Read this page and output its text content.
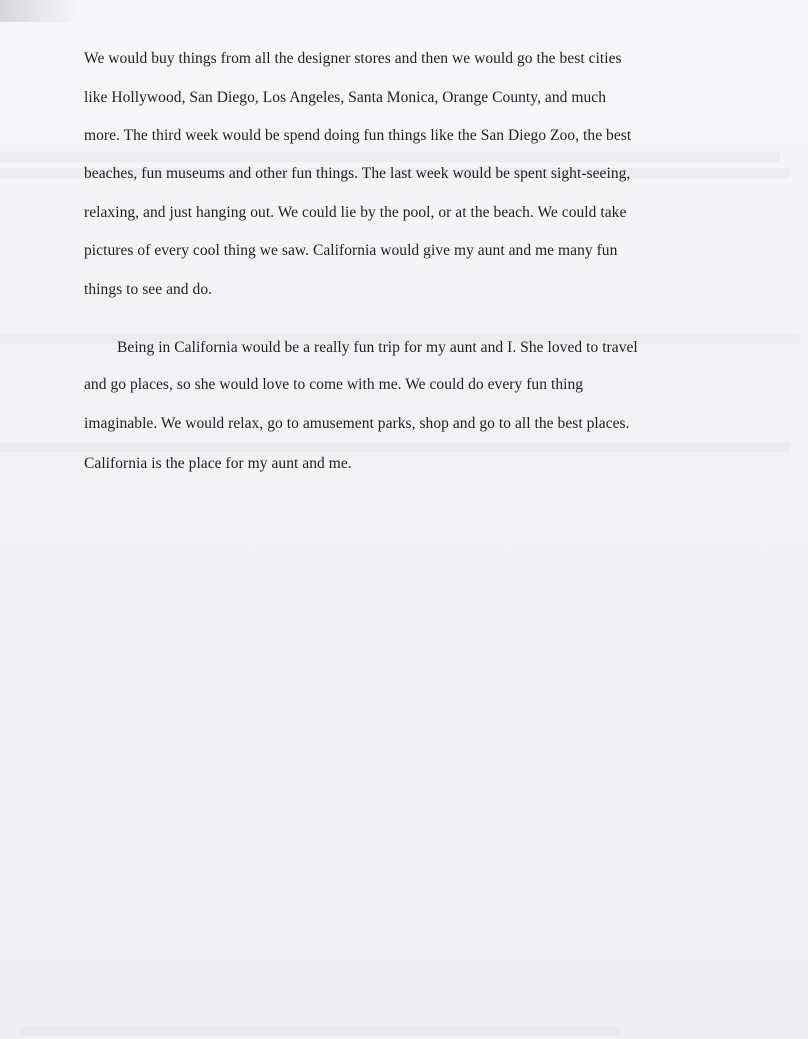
We would buy things from all the designer stores and then we would go the best cities
like Hollywood, San Diego, Los Angeles, Santa Monica, Orange County, and much
more. The third week would be spend doing fun things like the San Diego Zoo, the best
beaches, fun museums and other fun things. The last week would be spent sight-seeing,
relaxing, and just hanging out. We could lie by the pool, or at the beach. We could take
pictures of every cool thing we saw. California would give my aunt and me many fun
things to see and do.
Being in California would be a really fun trip for my aunt and I. She loved to travel
and go places, so she would love to come with me. We could do every fun thing
imaginable. We would relax, go to amusement parks, shop and go to all the best places.
California is the place for my aunt and me.
